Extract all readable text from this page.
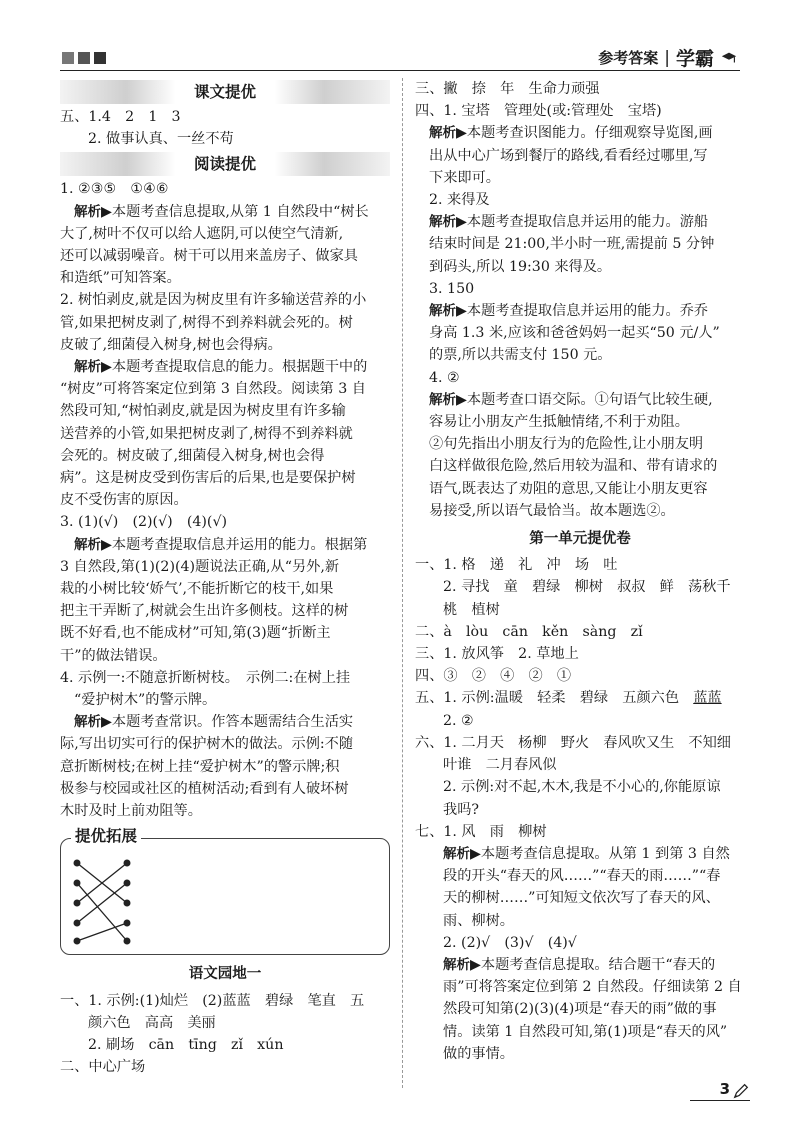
参考答案 | 学霸
课文提优
五、1.4　2　1　3
2. 做事认真、一丝不苟
阅读提优
1. ②③⑤　①④⑥
解析▶本题考查信息提取,从第 1 自然段中“树长
大了,树叶不仅可以给人遮阴,可以使空气清新,
还可以减弱噪音。树干可以用来盖房子、做家具
和造纸”可知答案。
2. 树怕剥皮,就是因为树皮里有许多输送营养的小
管,如果把树皮剥了,树得不到养料就会死的。树
皮破了,细菌侵入树身,树也会得病。
解析▶本题考查提取信息的能力。根据题干中的
“树皮”可将答案定位到第 3 自然段。阅读第 3 自
然段可知,“树怕剥皮,就是因为树皮里有许多输
送营养的小管,如果把树皮剥了,树得不到养料就
会死的。树皮破了,细菌侵入树身,树也会得
病”。这是树皮受到伤害后的后果,也是要保护树
皮不受伤害的原因。
3. (1)(√)　(2)(√)　(4)(√)
解析▶本题考查提取信息并运用的能力。根据第
3 自然段,第(1)(2)(4)题说法正确,从“另外,新
栽的小树比较‘娇气’,不能折断它的枝干,如果
把主干弄断了,树就会生出许多侧枝。这样的树
既不好看,也不能成材”可知,第(3)题“折断主
干”的做法错误。
4. 示例一:不随意折断树枝。　示例二:在树上挂
“爱护树木”的警示牌。
解析▶本题考查常识。作答本题需结合生活实
际,写出切实可行的保护树木的做法。示例:不随
意折断树枝;在树上挂“爱护树木”的警示牌;积
极参与校园或社区的植树活动;看到有人破坏树
木时及时上前劝阻等。
提优拓展
语文园地一
一、1. 示例:(1)灿烂　(2)蓝蓝　碧绿　笔直　五
颜六色　高高　美丽
2. 刷场　cān　tīng　zǐ　xún
二、中心广场
三、撇　捺　年　生命力顽强
四、1. 宝塔　管理处(或:管理处　宝塔)
解析▶本题考查识图能力。仔细观察导览图,画
出从中心广场到餐厅的路线,看看经过哪里,写
下来即可。
2. 来得及
解析▶本题考查提取信息并运用的能力。游船
结束时间是 21:00,半小时一班,需提前 5 分钟
到码头,所以 19:30 来得及。
3. 150
解析▶本题考查提取信息并运用的能力。乔乔
身高 1.3 米,应该和爸爸妈妈一起买“50 元/人”
的票,所以共需支付 150 元。
4. ②
解析▶本题考查口语交际。①句语气比较生硬,
容易让小朋友产生抵触情绪,不利于劝阻。
②句先指出小朋友行为的危险性,让小朋友明
白这样做很危险,然后用较为温和、带有请求的
语气,既表达了劝阻的意思,又能让小朋友更容
易接受,所以语气最恰当。故本题选②。
第一单元提优卷
一、1. 格　递　礼　冲　场　吐
2. 寻找　童　碧绿　柳树　叔叔　鲜　荡秋千
桃　植树
二、à　lòu　cān　kěn　sàng　zǐ
三、1. 放风筝　2. 草地上
四、③　②　④　②　①
五、1. 示例:温暖　轻柔　碧绿　五颜六色　 蓝蓝
2. ②
六、1. 二月天　杨柳　野火　春风吹又生　不知细
叶谁　二月春风似
2. 示例:对不起,木木,我是不小心的,你能原谅
我吗?
七、1. 风　雨　柳树
解析▶本题考查信息提取。从第 1 到第 3 自然
段的开头“春天的风……”“春天的雨……”“春
天的柳树……”可知短文依次写了春天的风、
雨、柳树。
2. (2)√　(3)√　(4)√
解析▶本题考查信息提取。结合题干“春天的
雨”可将答案定位到第 2 自然段。仔细读第 2 自
然段可知第(2)(3)(4)项是“春天的雨”做的事
情。读第 1 自然段可知,第(1)项是“春天的风”
做的事情。
3
